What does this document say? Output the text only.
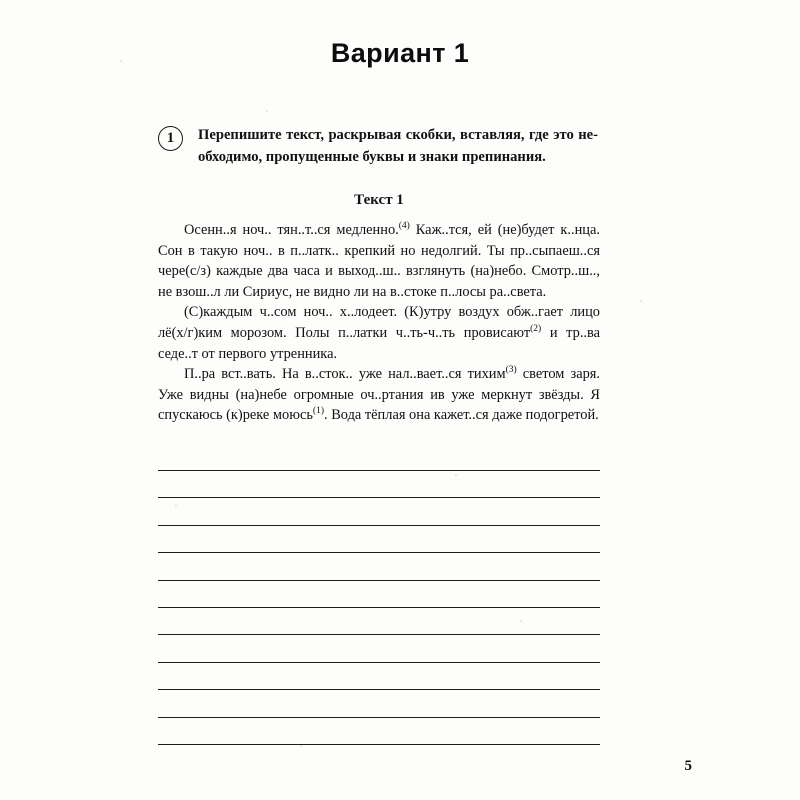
Вариант 1
1	Перепишите текст, раскрывая скобки, вставляя, где это не-обходимо, пропущенные буквы и знаки препинания.
Текст 1

Осенн..я ноч.. тян..т..ся медленно.$^{(4)}$ Каж..тся, ей (не)будет к..нца. Сон в такую ноч.. в п..латк.. крепкий но недолгий. Ты пр..сыпаеш..ся чере(с/з) каждые два часа и выход..ш.. взглянуть (на)небо. Смотр..ш.., не взош..л ли Сириус, не видно ли на в..стоке п..лосы ра..света.

(С)каждым ч..сом ноч.. х..лодеет. (К)утру воздух обж..гает лицо лё(х/г)ким морозом. Полы п..латки ч..ть-ч..ть провисают$^{(2)}$ и тр..ва седе..т от первого утренника.

П..ра вст..вать. На в..сток.. уже нал..вает..ся тихим$^{(3)}$ светом заря. Уже видны (на)небе огромные оч..ртания ив уже меркнут звёзды. Я спускаюсь (к)реке моюсь$^{(1)}$. Вода тёплая она кажет..ся даже подогретой.

5
